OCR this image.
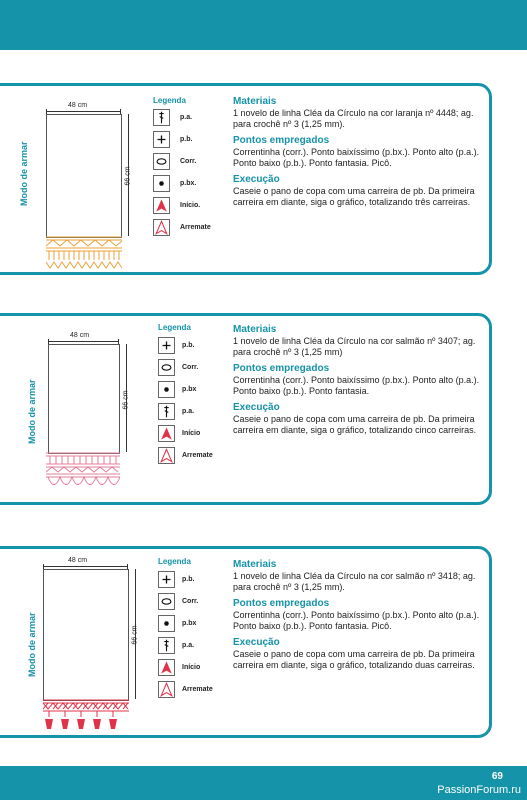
Modo de armar
48 cm
66 cm
Legenda
p.a.
p.b.
Corr.
p.bx.
Início.
Arremate

Materiais

1 novelo de linha Cléa da Círculo na cor laranja nº 4448; ag. para crochê nº 3 (1,25 mm).

Pontos empregados

Correntinha (corr.). Ponto baixíssimo (p.bx.). Ponto alto (p.a.). Ponto baixo (p.b.). Ponto fantasia. Picô.

Execução

Caseie o pano de copa com uma carreira de pb. Da primeira carreira em diante, siga o gráfico, totalizando três carreiras.

Modo de armar
48 cm
66 cm
Legenda
p.b.
Corr.
p.bx
p.a.
Início
Arremate

Materiais

1 novelo de linha Cléa da Círculo na cor salmão nº 3407; ag. para crochê nº 3 (1,25 mm)

Pontos empregados

Correntinha (corr.). Ponto baixíssimo (p.bx.). Ponto alto (p.a.). Ponto baixo (p.b.). Ponto fantasia.

Execução

Caseie o pano de copa com uma carreira de pb. Da primeira carreira em diante, siga o gráfico, totalizando cinco carreiras.

Modo de armar
48 cm
66 cm
Legenda
p.b.
Corr.
p.bx
p.a.
Início
Arremate

Materiais

1 novelo de linha Cléa da Círculo na cor salmão nº 3418; ag. para crochê nº 3 (1,25 mm).

Pontos empregados

Correntinha (corr.). Ponto baixíssimo (p.bx.). Ponto alto (p.a.). Ponto baixo (p.b.). Ponto fantasia. Picô.

Execução

Caseie o pano de copa com uma carreira de pb. Da primeira carreira em diante, siga o gráfico, totalizando duas carreiras.

69
PassionForum.ru
